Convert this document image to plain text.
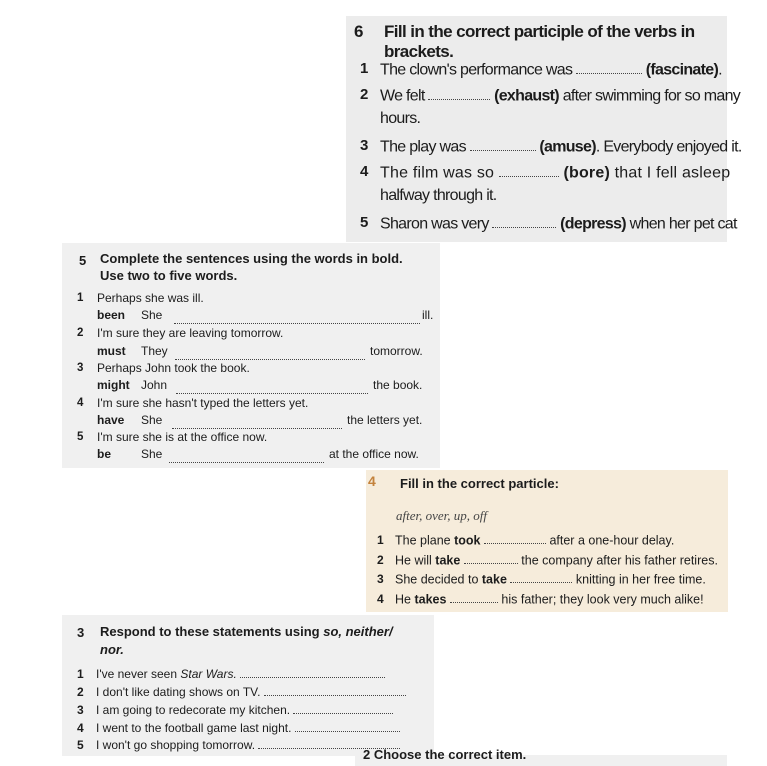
6 Fill in the correct participle of the verbs in brackets.
1 The clown's performance was	(fascinate).
2 We felt	(exhaust) after swimming for so many
hours.
3 The play was	(amuse). Everybody enjoyed it.
4 The film was so	(bore) that I fell asleep
halfway through it.
5 Sharon was very	(depress) when her pet cat
5 Complete the sentences using the words in bold.
Use two to five words.
1 Perhaps she was ill.
been She	ill.
2 I'm sure they are leaving tomorrow.
must They	tomorrow.
3 Perhaps John took the book.
might John	the book.
4 I'm sure she hasn't typed the letters yet.
have She	the letters yet.
5 I'm sure she is at the office now.
be She	at the office now.
4 Fill in the correct particle:
after, over, up, off
1 The plane took	after a one-hour delay.
2 He will take	the company after his father retires.
3 She decided to take	knitting in her free time.
4 He takes	his father; they look very much alike!
3 Respond to these statements using so, neither/
nor.
1 I've never seen Star Wars.
2 I don't like dating shows on TV.
3 I am going to redecorate my kitchen.
4 I went to the football game last night.
5 I won't go shopping tomorrow.
2 Choose the correct item.
